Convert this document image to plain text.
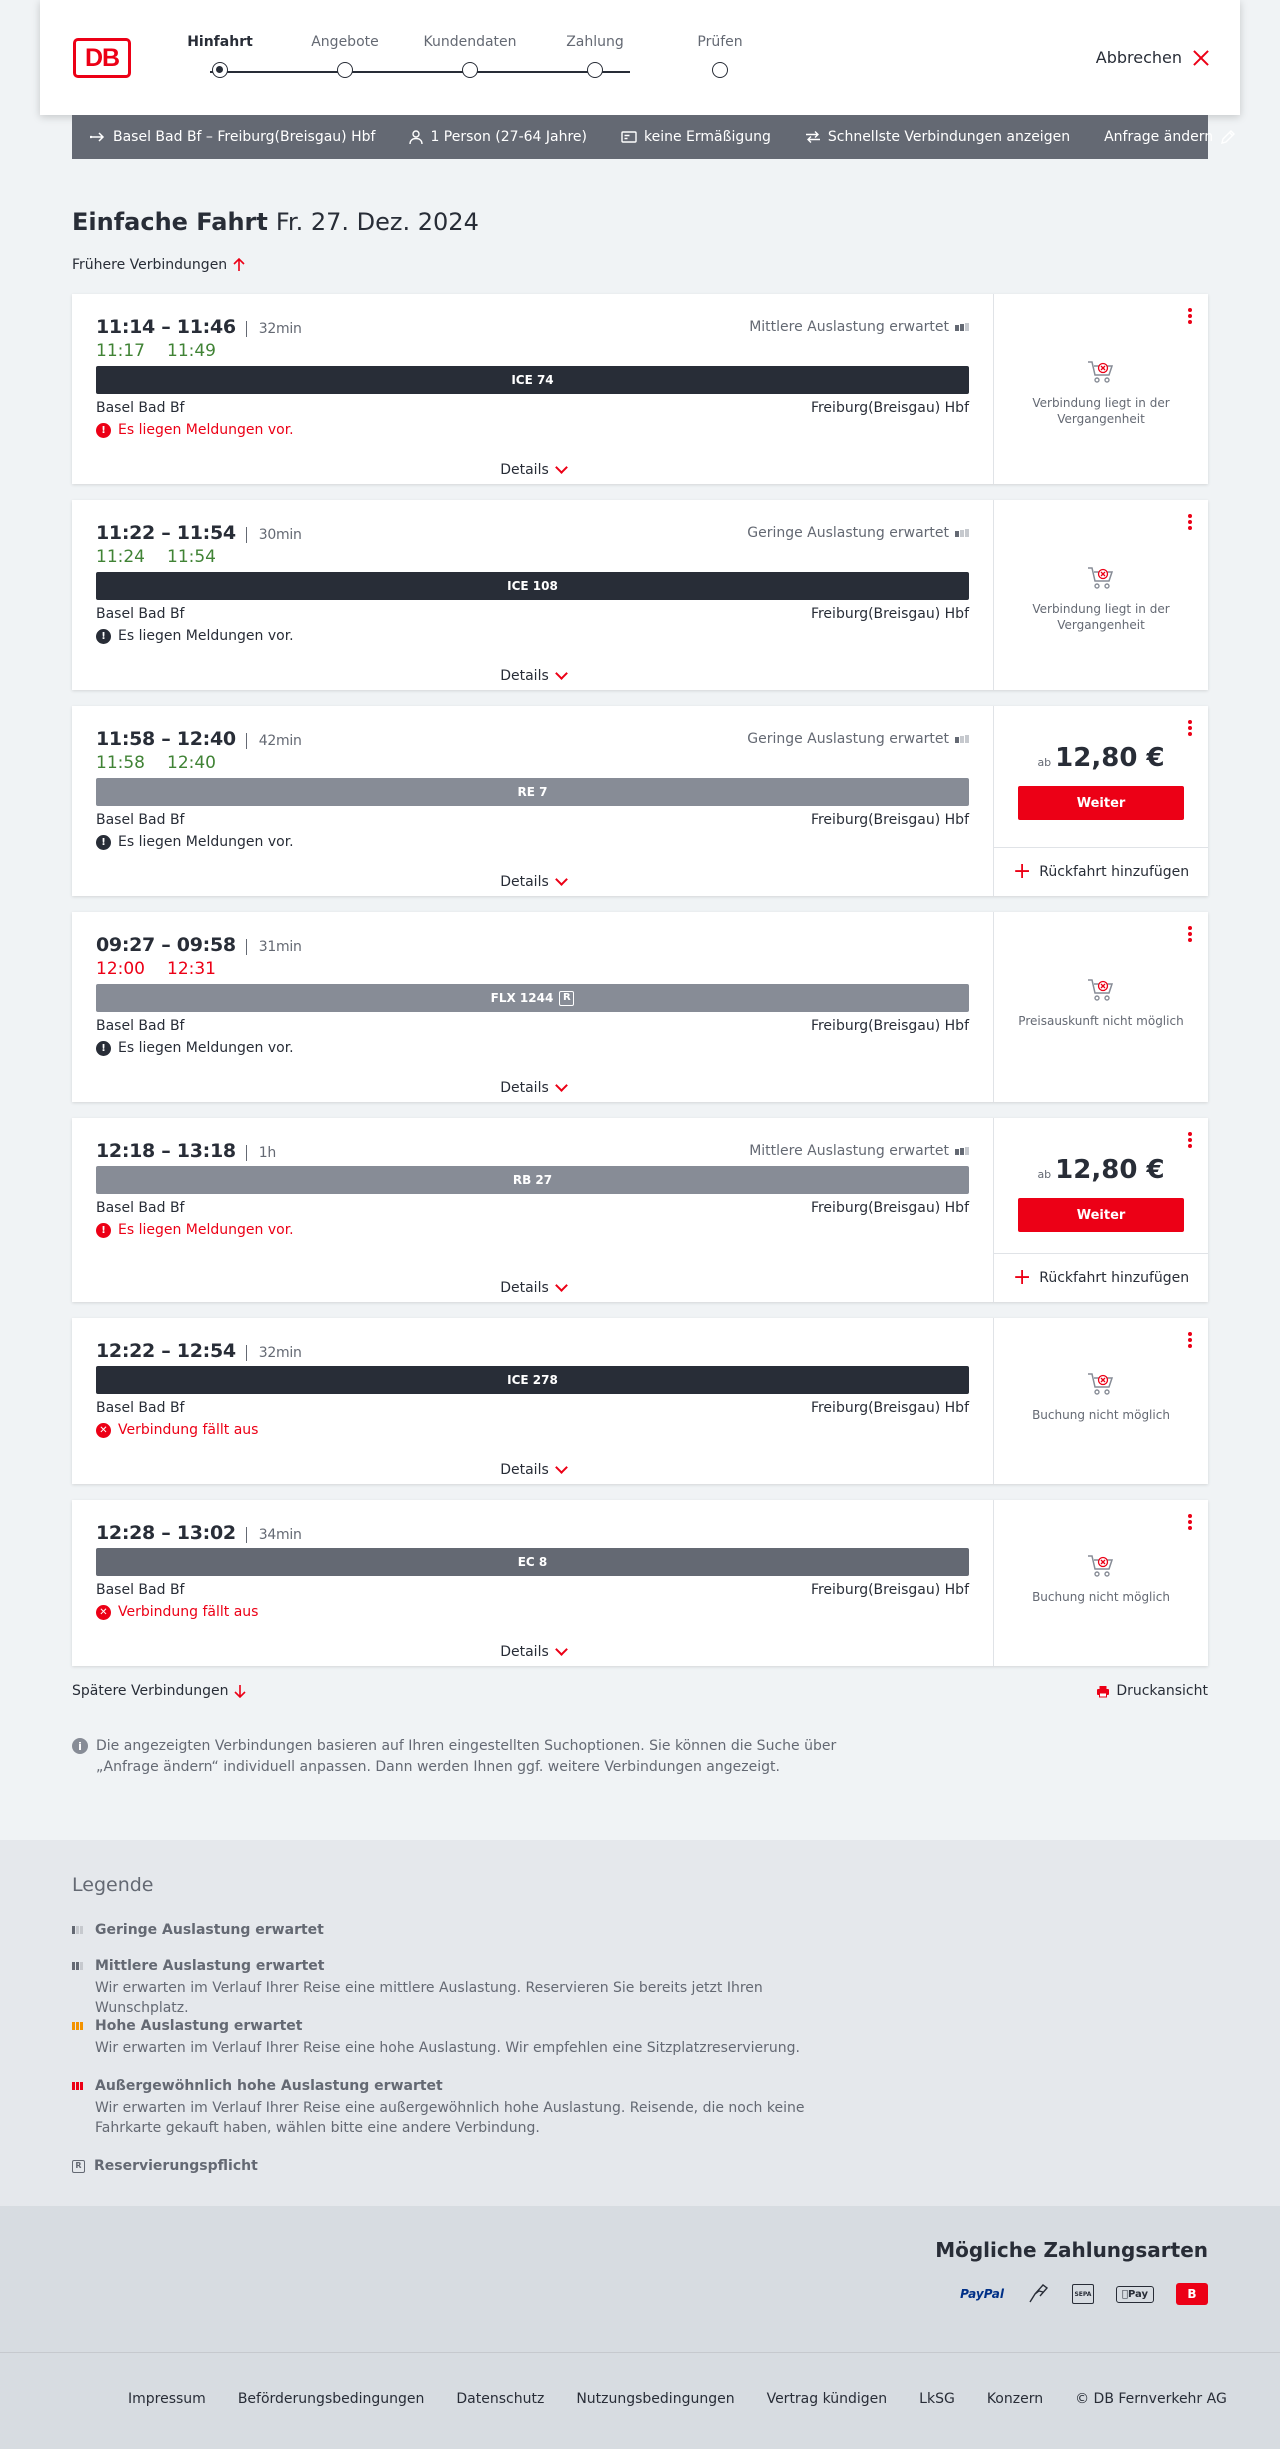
DB
Hinfahrt	Angebote	Kundendaten	Zahlung	Prüfen
Abbrechen
Basel Bad Bf – Freiburg(Breisgau) Hbf	1 Person (27-64 Jahre)	keine Ermäßigung	Schnellste Verbindungen anzeigen Anfrage ändern
Einfache Fahrt Fr. 27. Dez. 2024
Frühere Verbindungen
11:14 – 11:46 32min
11:17 11:49
Mittlere Auslastung erwartet
ICE 74
Basel Bad Bf	Freiburg(Breisgau) Hbf
! Es liegen Meldungen vor.
Details
Verbindung liegt in der Vergangenheit
11:22 – 11:54 30min
11:24 11:54
Geringe Auslastung erwartet
ICE 108
Basel Bad Bf	Freiburg(Breisgau) Hbf
! Es liegen Meldungen vor.
Details
Verbindung liegt in der Vergangenheit
11:58 – 12:40 42min
11:58 12:40
Geringe Auslastung erwartet
RE 7
Basel Bad Bf	Freiburg(Breisgau) Hbf
! Es liegen Meldungen vor.
Details
ab 12,80 €
Weiter
+ Rückfahrt hinzufügen
09:27 – 09:58 31min
12:00 12:31
FLX 1244 R
Basel Bad Bf	Freiburg(Breisgau) Hbf
! Es liegen Meldungen vor.
Details
Preisauskunft nicht möglich
12:18 – 13:18 1h	Mittlere Auslastung erwartet
RB 27
Basel Bad Bf	Freiburg(Breisgau) Hbf
! Es liegen Meldungen vor.
Details
ab 12,80 €
Weiter
+ Rückfahrt hinzufügen
12:22 – 12:54 32min
ICE 278
Basel Bad Bf	Freiburg(Breisgau) Hbf
✕ Verbindung fällt aus
Details
Buchung nicht möglich
12:28 – 13:02 34min
EC 8
Basel Bad Bf	Freiburg(Breisgau) Hbf
✕ Verbindung fällt aus
Details
Buchung nicht möglich
Spätere Verbindungen	Druckansicht
i	Die angezeigten Verbindungen basieren auf Ihren eingestellten Suchoptionen. Sie können die Suche über „Anfrage ändern“ individuell anpassen. Dann werden Ihnen ggf. weitere Verbindungen angezeigt.
Legende
Geringe Auslastung erwartet
Mittlere Auslastung erwartet
Wir erwarten im Verlauf Ihrer Reise eine mittlere Auslastung. Reservieren Sie bereits jetzt Ihren Wunschplatz.
Hohe Auslastung erwartet
Wir erwarten im Verlauf Ihrer Reise eine hohe Auslastung. Wir empfehlen eine Sitzplatzreservierung.
Außergewöhnlich hohe Auslastung erwartet
Wir erwarten im Verlauf Ihrer Reise eine außergewöhnlich hohe Auslastung. Reisende, die noch keine Fahrkarte gekauft haben, wählen bitte eine andere Verbindung.
R Reservierungspflicht
Mögliche Zahlungsarten
PayPal	SEPA	Pay	B
Impressum Beförderungsbedingungen Datenschutz Nutzungsbedingungen Vertrag kündigen LkSG Konzern © DB Fernverkehr AG
